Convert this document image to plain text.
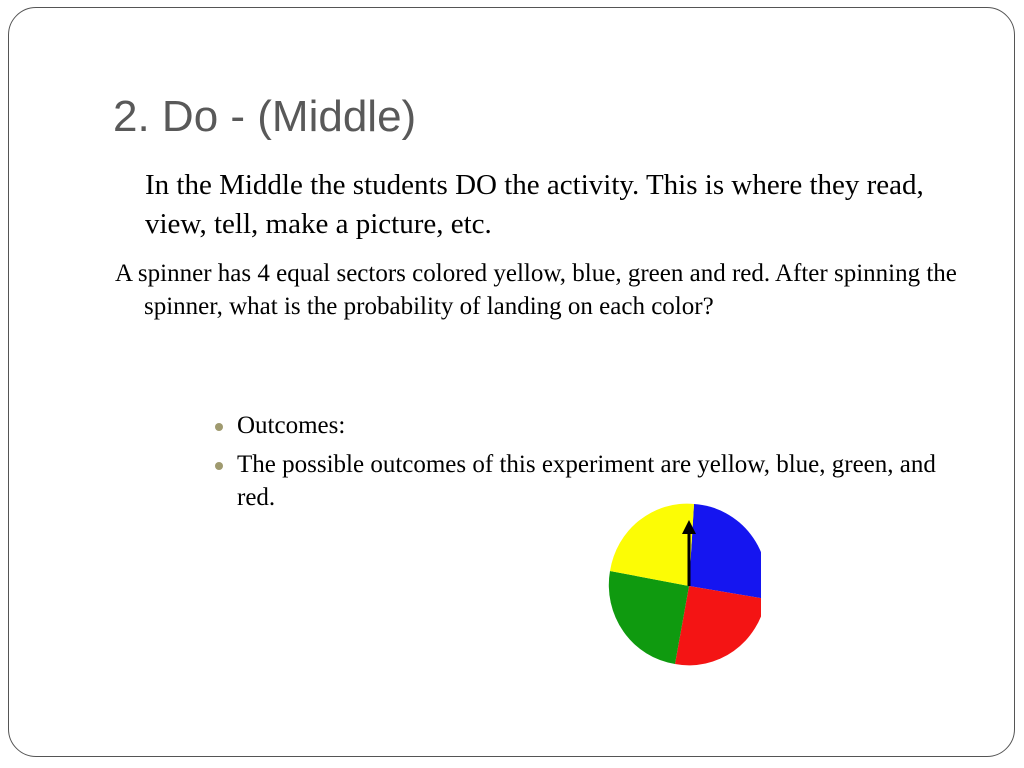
2. Do - (Middle)

In the Middle the students DO the activity. This is where they read, view, tell, make a picture, etc.

A spinner has 4 equal sectors colored yellow, blue, green and red. After spinning the spinner, what is the probability of landing on each color?

Outcomes:
The possible outcomes of this experiment are yellow, blue, green, and red.
